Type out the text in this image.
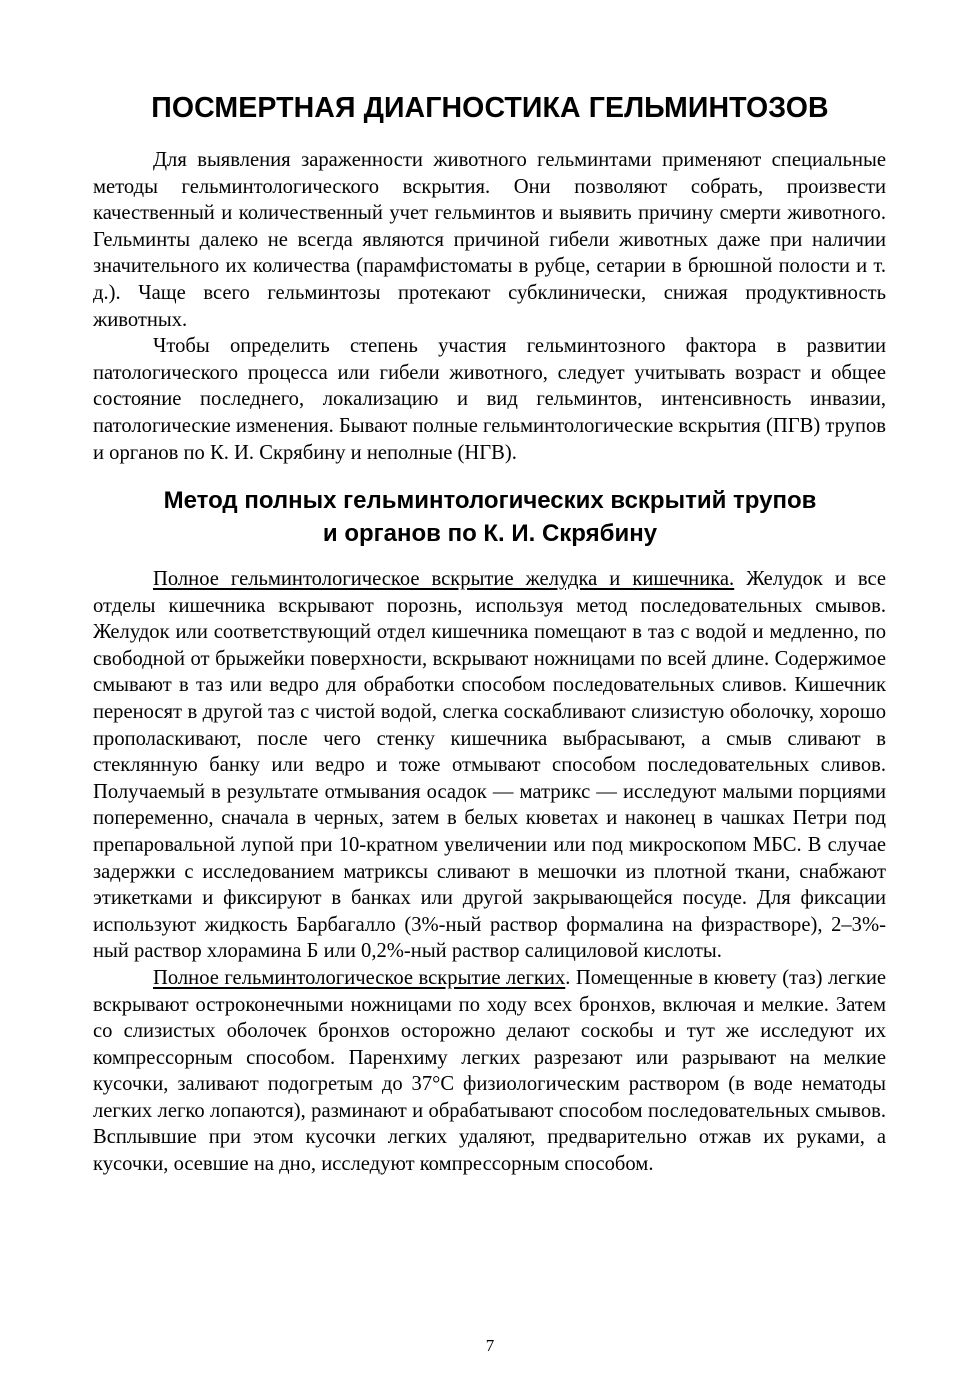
ПОСМЕРТНАЯ ДИАГНОСТИКА ГЕЛЬМИНТОЗОВ

Для выявления зараженности животного гельминтами применяют специальные методы гельминтологического вскрытия. Они позволяют собрать, произвести качественный и количественный учет гельминтов и выявить причину смерти животного. Гельминты далеко не всегда являются причиной гибели животных даже при наличии значительного их количества (парамфистоматы в рубце, сетарии в брюшной полости и т. д.). Чаще всего гельминтозы протекают субклинически, снижая продуктивность животных.

Чтобы определить степень участия гельминтозного фактора в развитии патологического процесса или гибели животного, следует учитывать возраст и общее состояние последнего, локализацию и вид гельминтов, интенсивность инвазии, патологические изменения. Бывают полные гельминтологические вскрытия (ПГВ) трупов и органов по К. И. Скрябину и неполные (НГВ).

Метод полных гельминтологических вскрытий трупов
и органов по К. И. Скрябину

Полное гельминтологическое вскрытие желудка и кишечника. Желудок и все отделы кишечника вскрывают порознь, используя метод последовательных смывов. Желудок или соответствующий отдел кишечника помещают в таз с водой и медленно, по свободной от брыжейки поверхности, вскрывают ножницами по всей длине. Содержимое смывают в таз или ведро для обработки способом последовательных сливов. Кишечник переносят в другой таз с чистой водой, слегка соскабливают слизистую оболочку, хорошо прополаскивают, после чего стенку кишечника выбрасывают, а смыв сливают в стеклянную банку или ведро и тоже отмывают способом последовательных сливов. Получаемый в результате отмывания осадок — матрикс — исследуют малыми порциями попеременно, сначала в черных, затем в белых кюветах и наконец в чашках Петри под препаровальной лупой при 10-кратном увеличении или под микроскопом МБС. В случае задержки с исследованием матриксы сливают в мешочки из плотной ткани, снабжают этикетками и фиксируют в банках или другой закрывающейся посуде. Для фиксации используют жидкость Барбагалло (3%-ный раствор формалина на физрастворе), 2–3%-ный раствор хлорамина Б или 0,2%-ный раствор салициловой кислоты.

Полное гельминтологическое вскрытие легких. Помещенные в кювету (таз) легкие вскрывают остроконечными ножницами по ходу всех бронхов, включая и мелкие. Затем со слизистых оболочек бронхов осторожно делают соскобы и тут же исследуют их компрессорным способом. Паренхиму легких разрезают или разрывают на мелкие кусочки, заливают подогретым до 37°С физиологическим раствором (в воде нематоды легких легко лопаются), разминают и обрабатывают способом последовательных смывов. Всплывшие при этом кусочки легких удаляют, предварительно отжав их руками, а кусочки, осевшие на дно, исследуют компрессорным способом.

7
